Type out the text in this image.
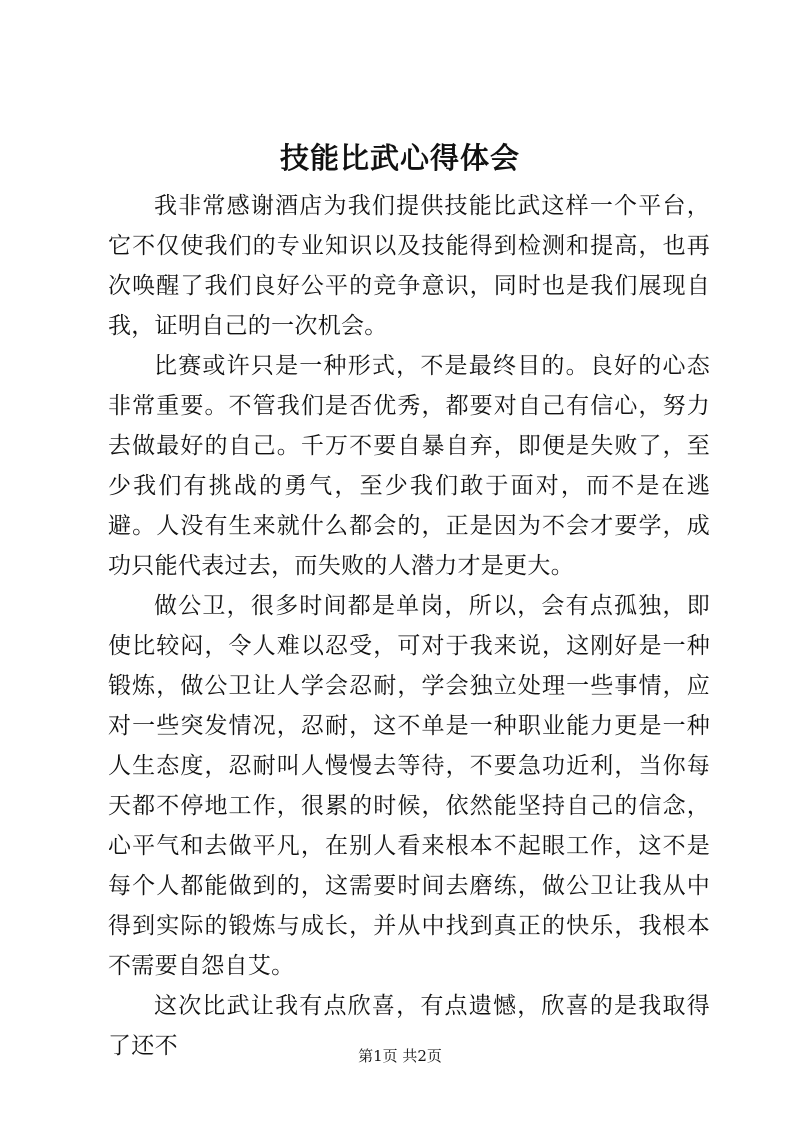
技能比武心得体会

我非常感谢酒店为我们提供技能比武这样一个平台，它不仅使我们的专业知识以及技能得到检测和提高，也再次唤醒了我们良好公平的竞争意识，同时也是我们展现自我，证明自己的一次机会。

比赛或许只是一种形式，不是最终目的。良好的心态非常重要。不管我们是否优秀，都要对自己有信心，努力去做最好的自己。千万不要自暴自弃，即便是失败了，至少我们有挑战的勇气，至少我们敢于面对，而不是在逃避。人没有生来就什么都会的，正是因为不会才要学，成功只能代表过去，而失败的人潜力才是更大。

做公卫，很多时间都是单岗，所以，会有点孤独，即使比较闷，令人难以忍受，可对于我来说，这刚好是一种锻炼，做公卫让人学会忍耐，学会独立处理一些事情，应对一些突发情况，忍耐，这不单是一种职业能力更是一种人生态度，忍耐叫人慢慢去等待，不要急功近利，当你每天都不停地工作，很累的时候，依然能坚持自己的信念，心平气和去做平凡，在别人看来根本不起眼工作，这不是每个人都能做到的，这需要时间去磨练，做公卫让我从中得到实际的锻炼与成长，并从中找到真正的快乐，我根本不需要自怨自艾。

这次比武让我有点欣喜，有点遗憾，欣喜的是我取得了还不	第1页 共2页
